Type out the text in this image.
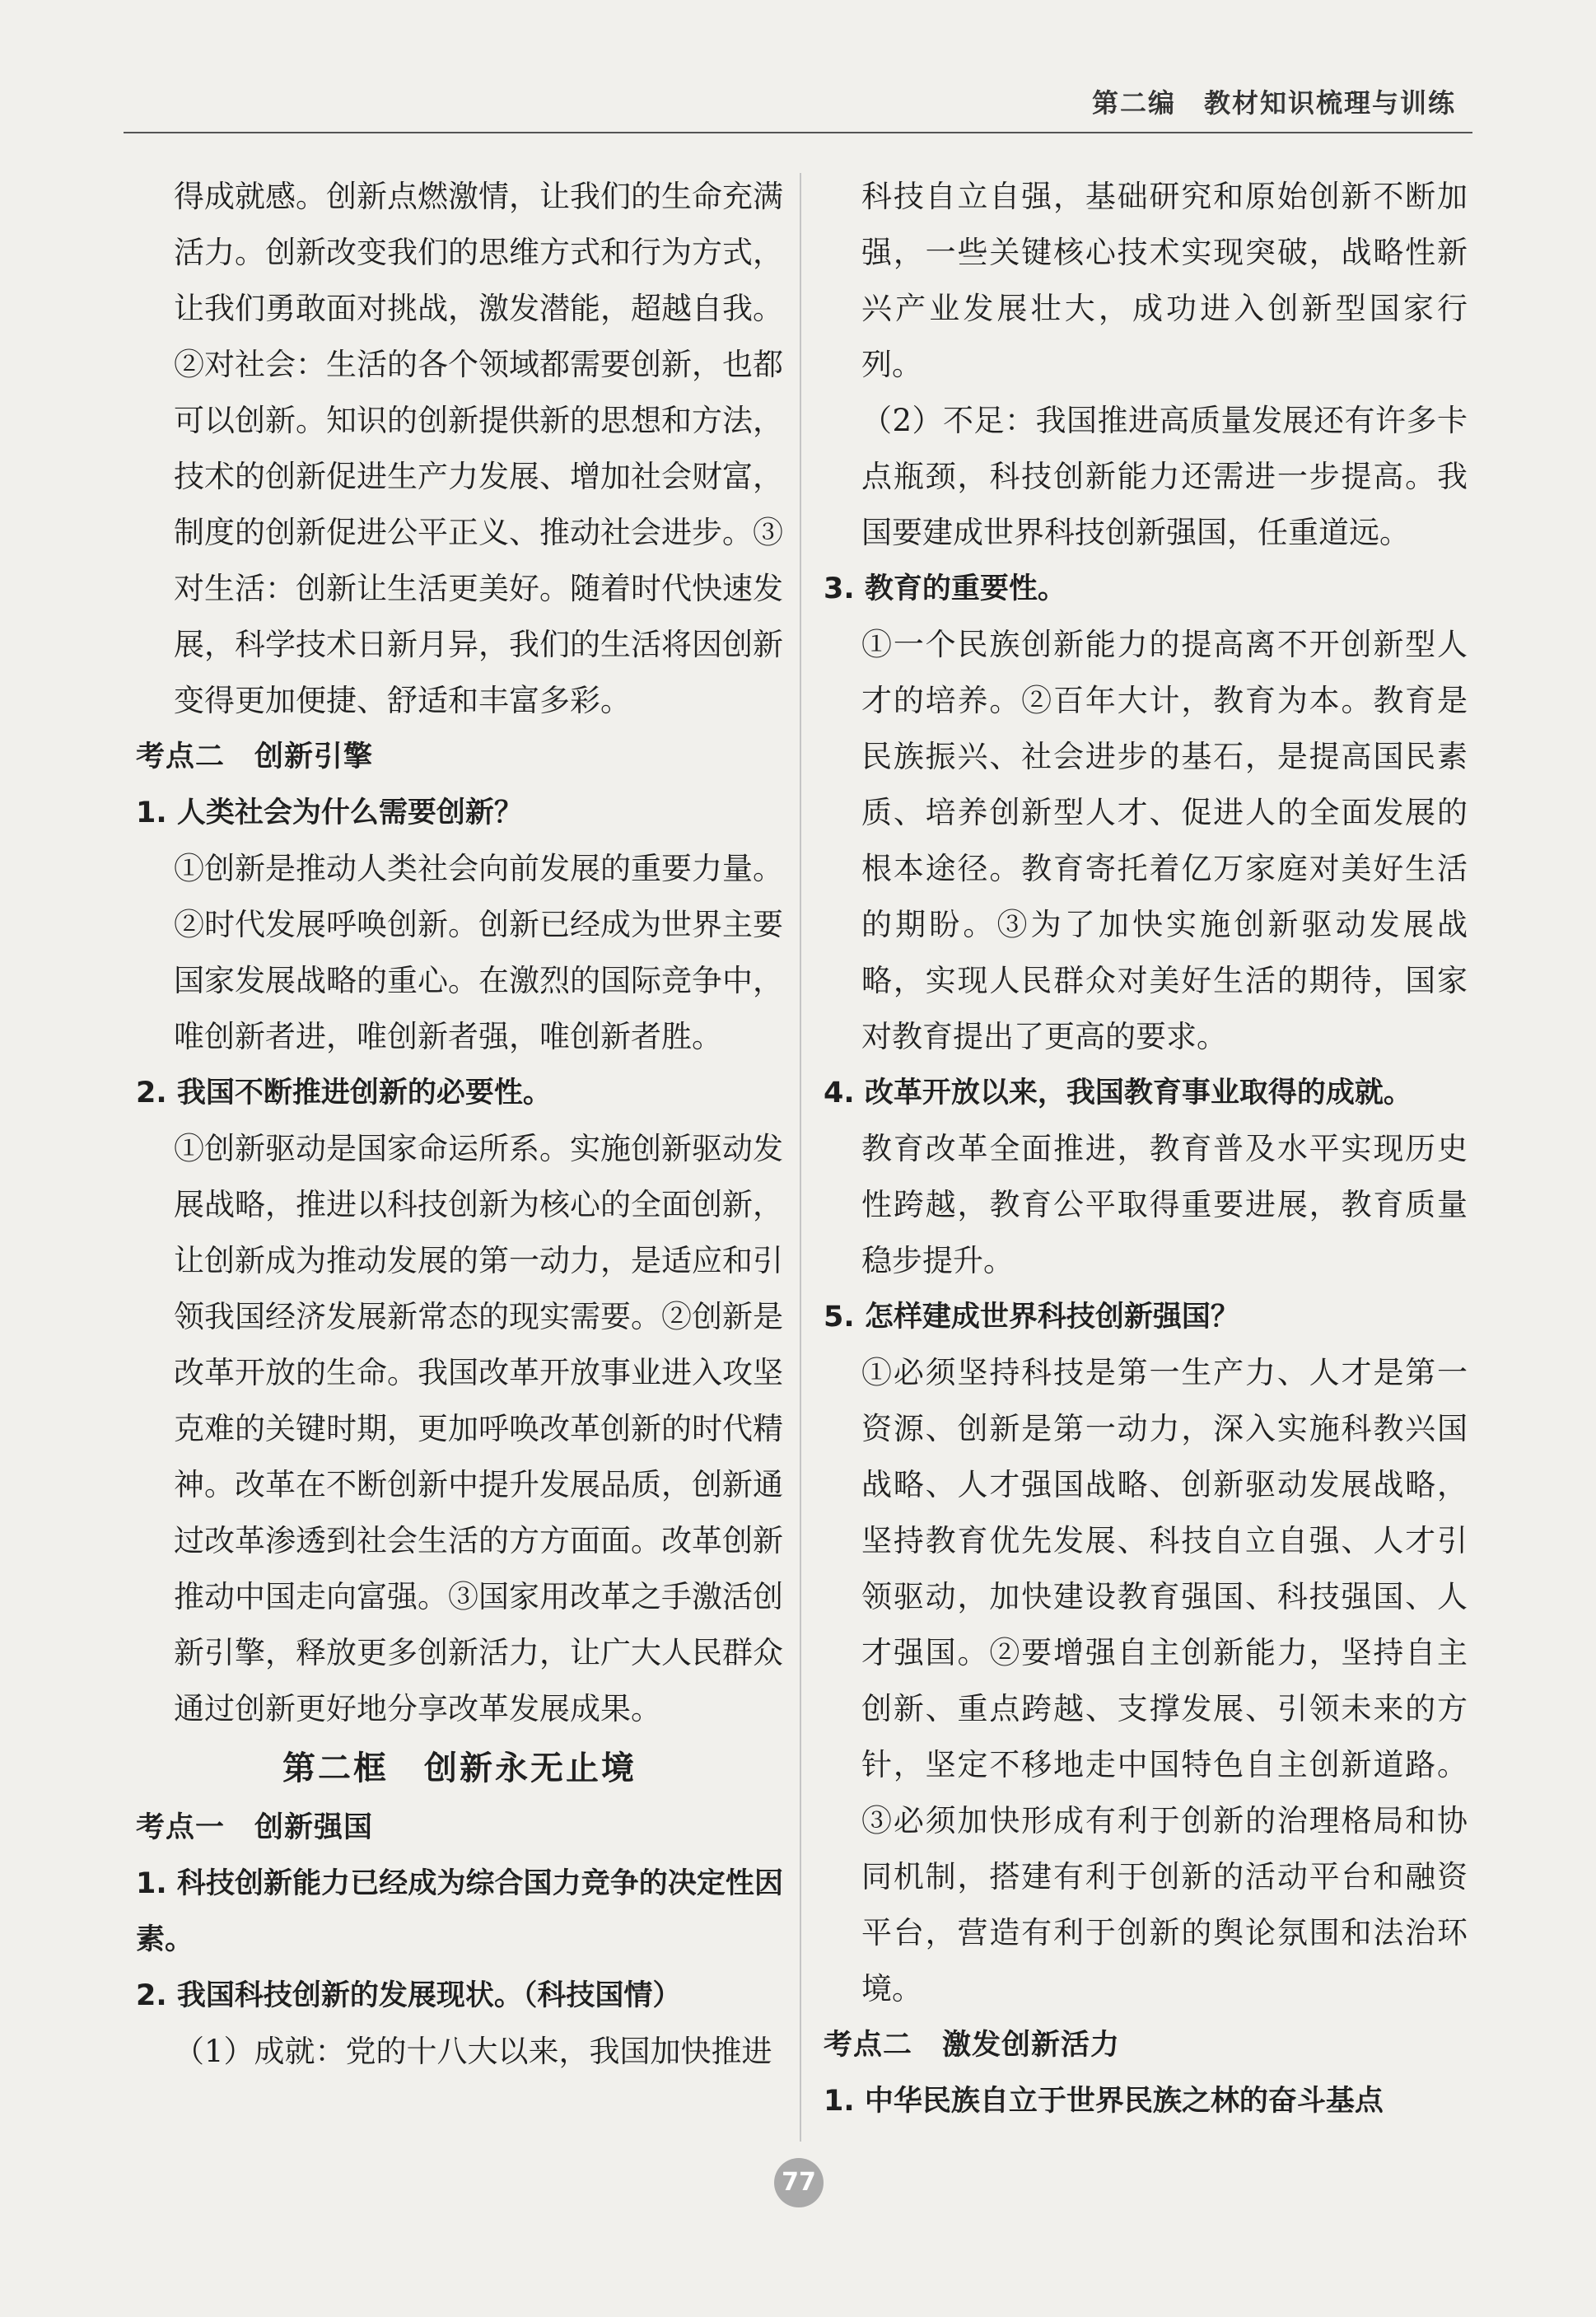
第二编　教材知识梳理与训练

得成就感。创新点燃激情，让我们的生命充满活力。创新改变我们的思维方式和行为方式，让我们勇敢面对挑战，激发潜能，超越自我。②对社会：生活的各个领域都需要创新，也都可以创新。知识的创新提供新的思想和方法，技术的创新促进生产力发展、增加社会财富，制度的创新促进公平正义、推动社会进步。③对生活：创新让生活更美好。随着时代快速发展，科学技术日新月异，我们的生活将因创新变得更加便捷、舒适和丰富多彩。

考点二　创新引擎

1. 人类社会为什么需要创新？

①创新是推动人类社会向前发展的重要力量。②时代发展呼唤创新。创新已经成为世界主要国家发展战略的重心。在激烈的国际竞争中，唯创新者进，唯创新者强，唯创新者胜。

2. 我国不断推进创新的必要性。

①创新驱动是国家命运所系。实施创新驱动发展战略，推进以科技创新为核心的全面创新，让创新成为推动发展的第一动力，是适应和引领我国经济发展新常态的现实需要。②创新是改革开放的生命。我国改革开放事业进入攻坚克难的关键时期，更加呼唤改革创新的时代精神。改革在不断创新中提升发展品质，创新通过改革渗透到社会生活的方方面面。改革创新推动中国走向富强。③国家用改革之手激活创新引擎，释放更多创新活力，让广大人民群众通过创新更好地分享改革发展成果。

第二框　创新永无止境

考点一　创新强国

1. 科技创新能力已经成为综合国力竞争的决定性因素。

2. 我国科技创新的发展现状。（科技国情）

（1）成就：党的十八大以来，我国加快推进

科技自立自强，基础研究和原始创新不断加强，一些关键核心技术实现突破，战略性新兴产业发展壮大，成功进入创新型国家行列。

（2）不足：我国推进高质量发展还有许多卡点瓶颈，科技创新能力还需进一步提高。我国要建成世界科技创新强国，任重道远。

3. 教育的重要性。

①一个民族创新能力的提高离不开创新型人才的培养。②百年大计，教育为本。教育是民族振兴、社会进步的基石，是提高国民素质、培养创新型人才、促进人的全面发展的根本途径。教育寄托着亿万家庭对美好生活的期盼。③为了加快实施创新驱动发展战略，实现人民群众对美好生活的期待，国家对教育提出了更高的要求。

4. 改革开放以来，我国教育事业取得的成就。

教育改革全面推进，教育普及水平实现历史性跨越，教育公平取得重要进展，教育质量稳步提升。

5. 怎样建成世界科技创新强国？

①必须坚持科技是第一生产力、人才是第一资源、创新是第一动力，深入实施科教兴国战略、人才强国战略、创新驱动发展战略，坚持教育优先发展、科技自立自强、人才引领驱动，加快建设教育强国、科技强国、人才强国。②要增强自主创新能力，坚持自主创新、重点跨越、支撑发展、引领未来的方针，坚定不移地走中国特色自主创新道路。③必须加快形成有利于创新的治理格局和协同机制，搭建有利于创新的活动平台和融资平台，营造有利于创新的舆论氛围和法治环境。

考点二　激发创新活力

1. 中华民族自立于世界民族之林的奋斗基点

77
